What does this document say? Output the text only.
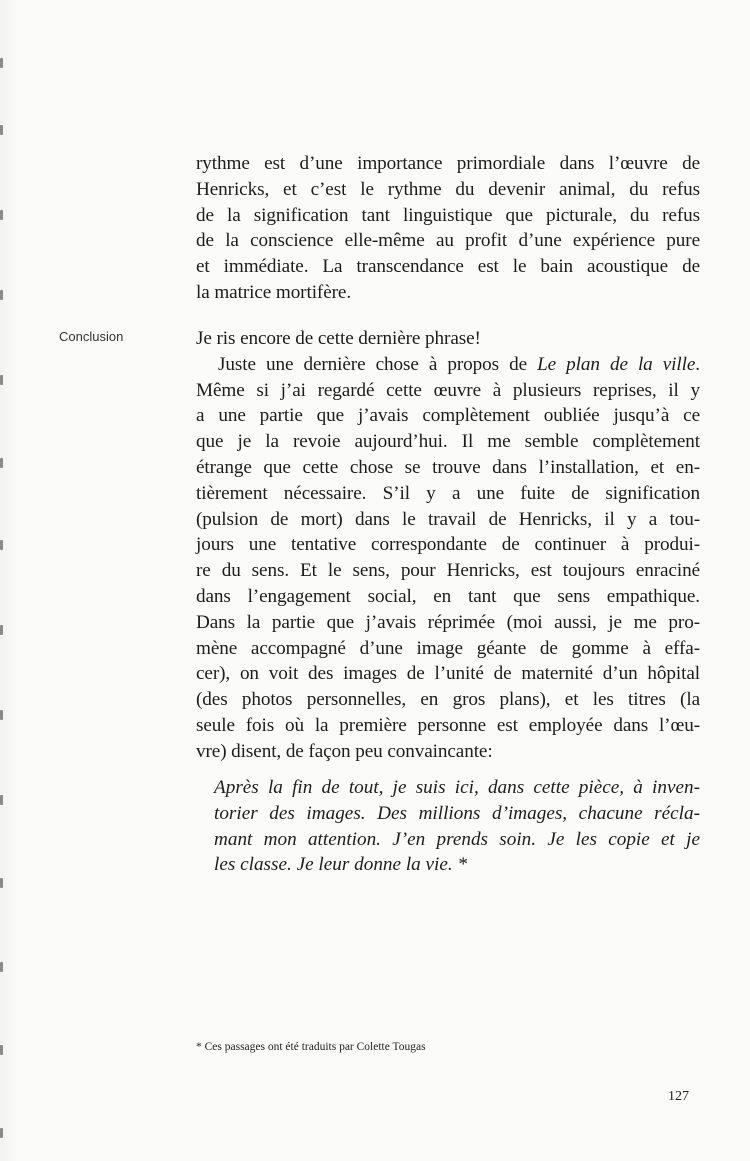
rythme est d’une importance primordiale dans l’œuvre de
Henricks, et c’est le rythme du devenir animal, du refus
de la signification tant linguistique que picturale, du refus
de la conscience elle-même au profit d’une expérience pure
et immédiate. La transcendance est le bain acoustique de
la matrice mortifère.
Conclusion	Je ris encore de cette dernière phrase!
Juste une dernière chose à propos de Le plan de la ville.
Même si j’ai regardé cette œuvre à plusieurs reprises, il y
a une partie que j’avais complètement oubliée jusqu’à ce
que je la revoie aujourd’hui. Il me semble complètement
étrange que cette chose se trouve dans l’installation, et en-
tièrement nécessaire. S’il y a une fuite de signification
(pulsion de mort) dans le travail de Henricks, il y a tou-
jours une tentative correspondante de continuer à produi-
re du sens. Et le sens, pour Henricks, est toujours enraciné
dans l’engagement social, en tant que sens empathique.
Dans la partie que j’avais réprimée (moi aussi, je me pro-
mène accompagné d’une image géante de gomme à effa-
cer), on voit des images de l’unité de maternité d’un hôpital
(des photos personnelles, en gros plans), et les titres (la
seule fois où la première personne est employée dans l’œu-
vre) disent, de façon peu convaincante:
Après la fin de tout, je suis ici, dans cette pièce, à inven-
torier des images. Des millions d’images, chacune récla-
mant mon attention. J’en prends soin. Je les copie et je
les classe. Je leur donne la vie. *
* Ces passages ont été traduits par Colette Tougas
127
